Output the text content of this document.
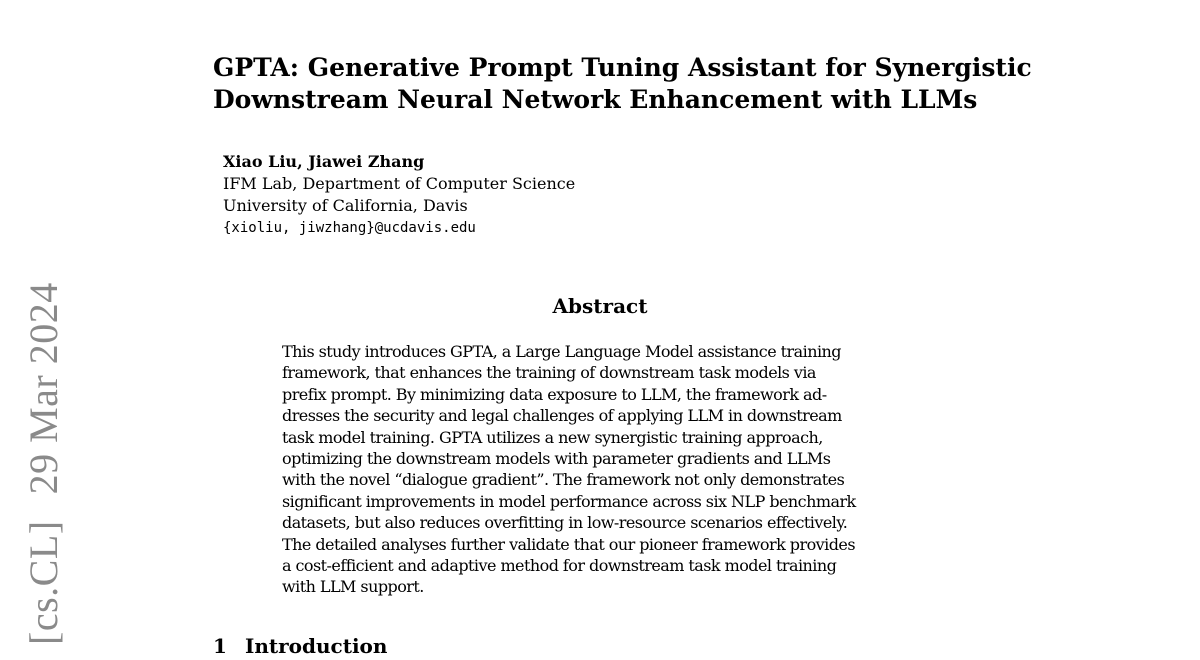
[cs.CL]29 Mar 2024
GPTA: Generative Prompt Tuning Assistant for Synergistic
Downstream Neural Network Enhancement with LLMs
Xiao Liu, Jiawei Zhang
IFM Lab, Department of Computer Science
University of California, Davis
{xioliu, jiwzhang}@ucdavis.edu
Abstract
This study introduces GPTA, a Large Language Model assistance training
framework, that enhances the training of downstream task models via
prefix prompt. By minimizing data exposure to LLM, the framework ad-
dresses the security and legal challenges of applying LLM in downstream
task model training. GPTA utilizes a new synergistic training approach,
optimizing the downstream models with parameter gradients and LLMs
with the novel “dialogue gradient”. The framework not only demonstrates
significant improvements in model performance across six NLP benchmark
datasets, but also reduces overfitting in low-resource scenarios effectively.
The detailed analyses further validate that our pioneer framework provides
a cost-efficient and adaptive method for downstream task model training
with LLM support.
1 Introduction
